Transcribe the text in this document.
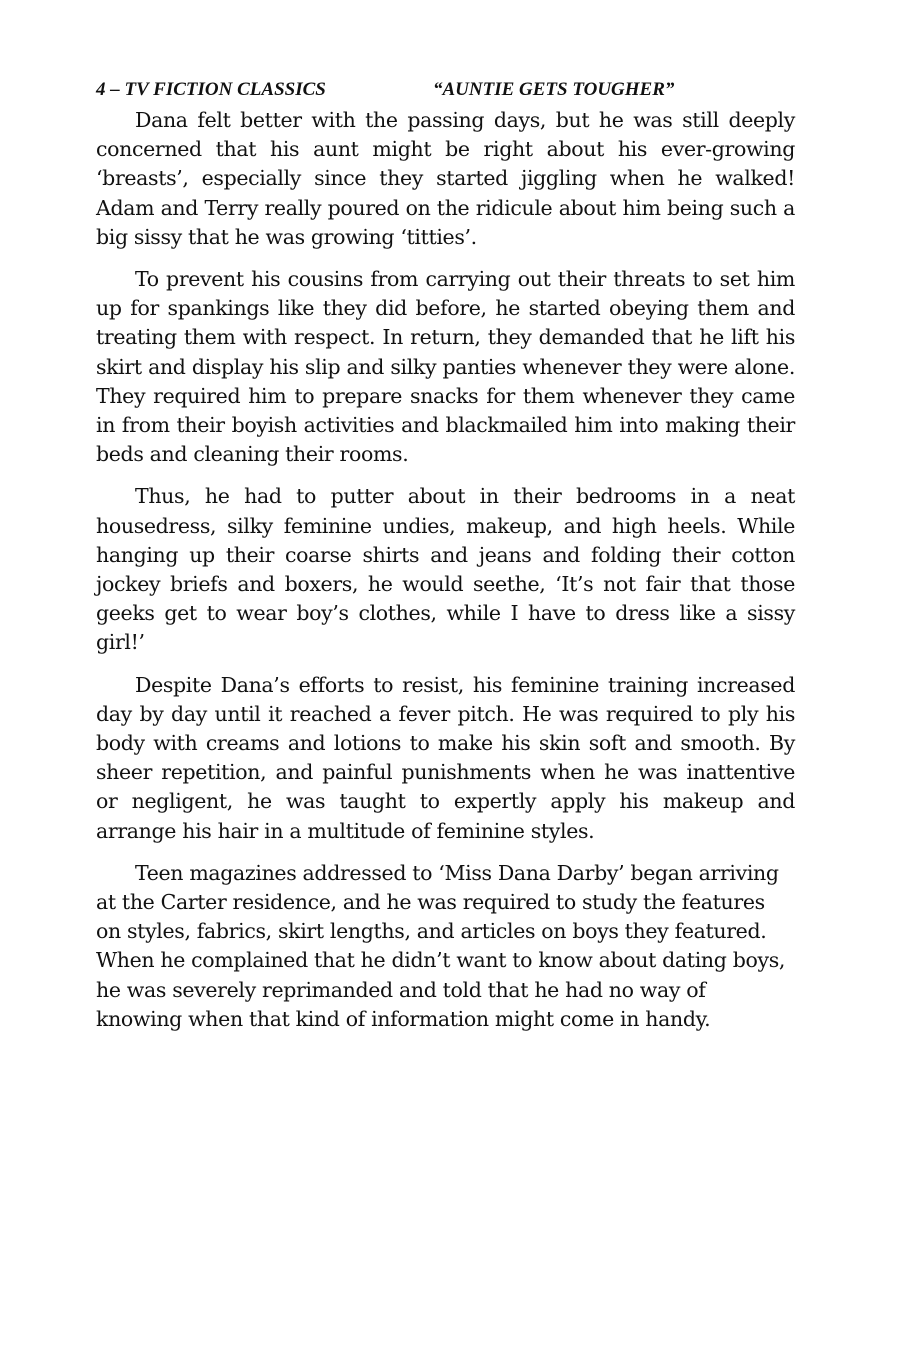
4 – TV FICTION CLASSICS	“AUNTIE GETS TOUGHER”

Dana felt better with the passing days, but he was still deeply concerned that his aunt might be right about his ever-growing ‘breasts’, especially since they started jiggling when he walked! Adam and Terry really poured on the ridicule about him being such a big sissy that he was growing ‘titties’.

To prevent his cousins from carrying out their threats to set him up for spankings like they did before, he started obeying them and treating them with respect. In return, they demanded that he lift his skirt and display his slip and silky panties whenever they were alone. They required him to prepare snacks for them whenever they came in from their boyish activities and blackmailed him into making their beds and cleaning their rooms.

Thus, he had to putter about in their bedrooms in a neat housedress, silky feminine undies, makeup, and high heels. While hanging up their coarse shirts and jeans and folding their cotton jockey briefs and boxers, he would seethe, ‘It’s not fair that those geeks get to wear boy’s clothes, while I have to dress like a sissy girl!’

Despite Dana’s efforts to resist, his feminine training increased day by day until it reached a fever pitch. He was required to ply his body with creams and lotions to make his skin soft and smooth. By sheer repetition, and painful punishments when he was inattentive or negligent, he was taught to expertly apply his makeup and arrange his hair in a multitude of feminine styles.

Teen magazines addressed to ‘Miss Dana Darby’ began arriving at the Carter residence, and he was required to study the features on styles, fabrics, skirt lengths, and articles on boys they featured. When he complained that he didn’t want to know about dating boys, he was severely reprimanded and told that he had no way of knowing when that kind of information might come in handy.
